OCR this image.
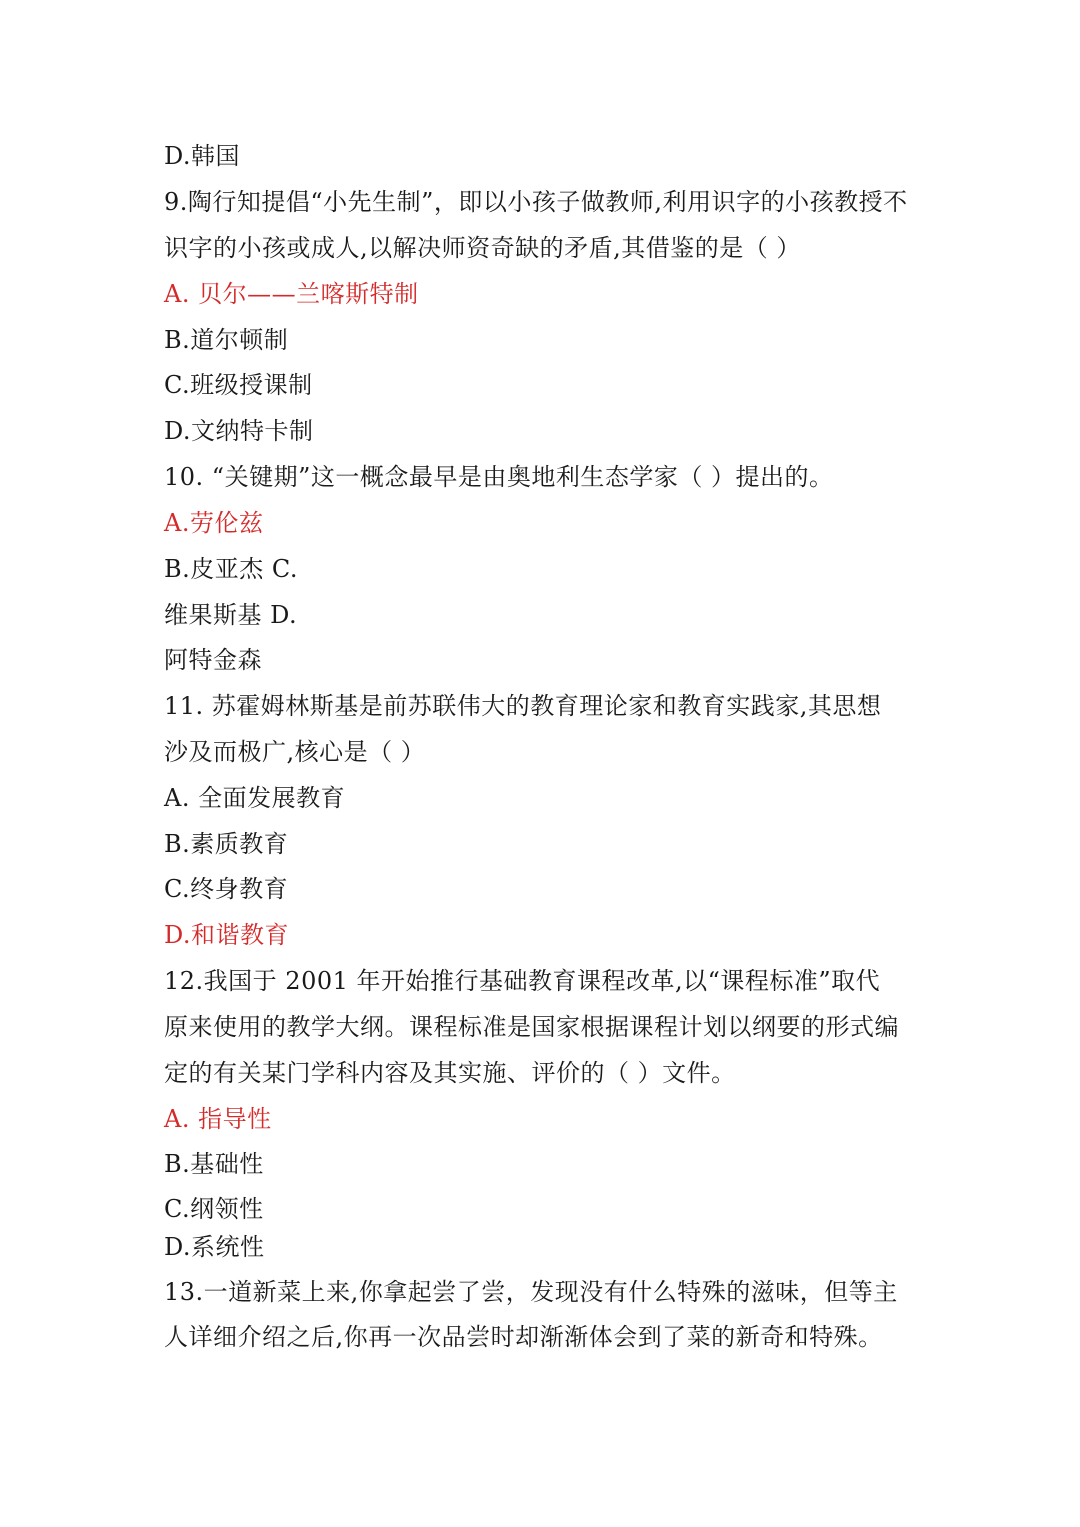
D.韩国
9.陶行知提倡“小先生制”，即以小孩子做教师,利用识字的小孩教授不
识字的小孩或成人,以解决师资奇缺的矛盾,其借鉴的是（ ）
A. 贝尔——兰喀斯特制
B.道尔顿制
C.班级授课制
D.文纳特卡制
10. “关键期”这一概念最早是由奥地利生态学家（ ）提出的。
A.劳伦兹
B.皮亚杰 C.
维果斯基 D.
阿特金森
11. 苏霍姆林斯基是前苏联伟大的教育理论家和教育实践家,其思想
沙及而极广,核心是（ ）
A. 全面发展教育
B.素质教育
C.终身教育
D.和谐教育
12.我国于 2001 年开始推行基础教育课程改革,以“课程标准”取代
原来使用的教学大纲。课程标准是国家根据课程计划以纲要的形式编
定的有关某门学科内容及其实施、评价的（ ）文件。
A. 指导性
B.基础性
C.纲领性
D.系统性
13.一道新菜上来,你拿起尝了尝，发现没有什么特殊的滋味，但等主
人详细介绍之后,你再一次品尝时却渐渐体会到了菜的新奇和特殊。
